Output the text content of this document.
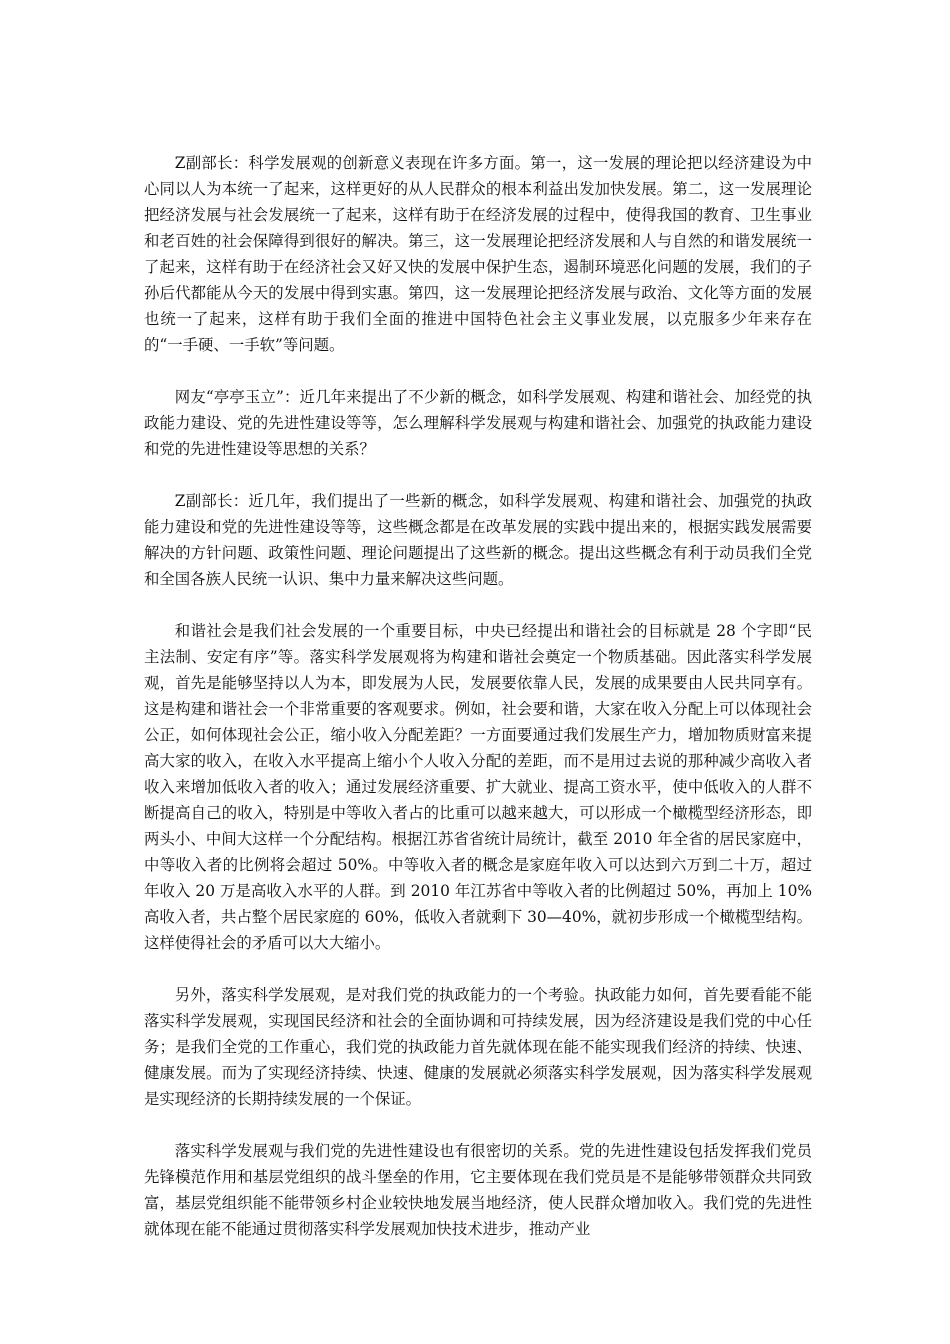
Z副部长：科学发展观的创新意义表现在许多方面。第一，这一发展的理论把以经济建设为中心同以人为本统一了起来，这样更好的从人民群众的根本利益出发加快发展。第二，这一发展理论把经济发展与社会发展统一了起来，这样有助于在经济发展的过程中，使得我国的教育、卫生事业和老百姓的社会保障得到很好的解决。第三，这一发展理论把经济发展和人与自然的和谐发展统一了起来，这样有助于在经济社会又好又快的发展中保护生态，遏制环境恶化问题的发展，我们的子孙后代都能从今天的发展中得到实惠。第四，这一发展理论把经济发展与政治、文化等方面的发展也统一了起来，这样有助于我们全面的推进中国特色社会主义事业发展，以克服多少年来存在的“一手硬、一手软”等问题。

网友“亭亭玉立”：近几年来提出了不少新的概念，如科学发展观、构建和谐社会、加经党的执政能力建设、党的先进性建设等等，怎么理解科学发展观与构建和谐社会、加强党的执政能力建设和党的先进性建设等思想的关系？

Z副部长：近几年，我们提出了一些新的概念，如科学发展观、构建和谐社会、加强党的执政能力建设和党的先进性建设等等，这些概念都是在改革发展的实践中提出来的，根据实践发展需要解决的方针问题、政策性问题、理论问题提出了这些新的概念。提出这些概念有利于动员我们全党和全国各族人民统一认识、集中力量来解决这些问题。

和谐社会是我们社会发展的一个重要目标，中央已经提出和谐社会的目标就是 28 个字即“民主法制、安定有序”等。落实科学发展观将为构建和谐社会奠定一个物质基础。因此落实科学发展观，首先是能够坚持以人为本，即发展为人民，发展要依靠人民，发展的成果要由人民共同享有。这是构建和谐社会一个非常重要的客观要求。例如，社会要和谐，大家在收入分配上可以体现社会公正，如何体现社会公正，缩小收入分配差距？一方面要通过我们发展生产力，增加物质财富来提高大家的收入，在收入水平提高上缩小个人收入分配的差距，而不是用过去说的那种减少高收入者收入来增加低收入者的收入；通过发展经济重要、扩大就业、提高工资水平，使中低收入的人群不断提高自己的收入，特别是中等收入者占的比重可以越来越大，可以形成一个橄榄型经济形态，即两头小、中间大这样一个分配结构。根据江苏省省统计局统计，截至 2010 年全省的居民家庭中，中等收入者的比例将会超过 50%。中等收入者的概念是家庭年收入可以达到六万到二十万，超过年收入 20 万是高收入水平的人群。到 2010 年江苏省中等收入者的比例超过 50%，再加上 10%高收入者，共占整个居民家庭的 60%，低收入者就剩下 30—40%，就初步形成一个橄榄型结构。这样使得社会的矛盾可以大大缩小。

另外，落实科学发展观，是对我们党的执政能力的一个考验。执政能力如何，首先要看能不能落实科学发展观，实现国民经济和社会的全面协调和可持续发展，因为经济建设是我们党的中心任务；是我们全党的工作重心，我们党的执政能力首先就体现在能不能实现我们经济的持续、快速、健康发展。而为了实现经济持续、快速、健康的发展就必须落实科学发展观，因为落实科学发展观是实现经济的长期持续发展的一个保证。

落实科学发展观与我们党的先进性建设也有很密切的关系。党的先进性建设包括发挥我们党员先锋模范作用和基层党组织的战斗堡垒的作用，它主要体现在我们党员是不是能够带领群众共同致富，基层党组织能不能带领乡村企业较快地发展当地经济，使人民群众增加收入。我们党的先进性就体现在能不能通过贯彻落实科学发展观加快技术进步，推动产业
